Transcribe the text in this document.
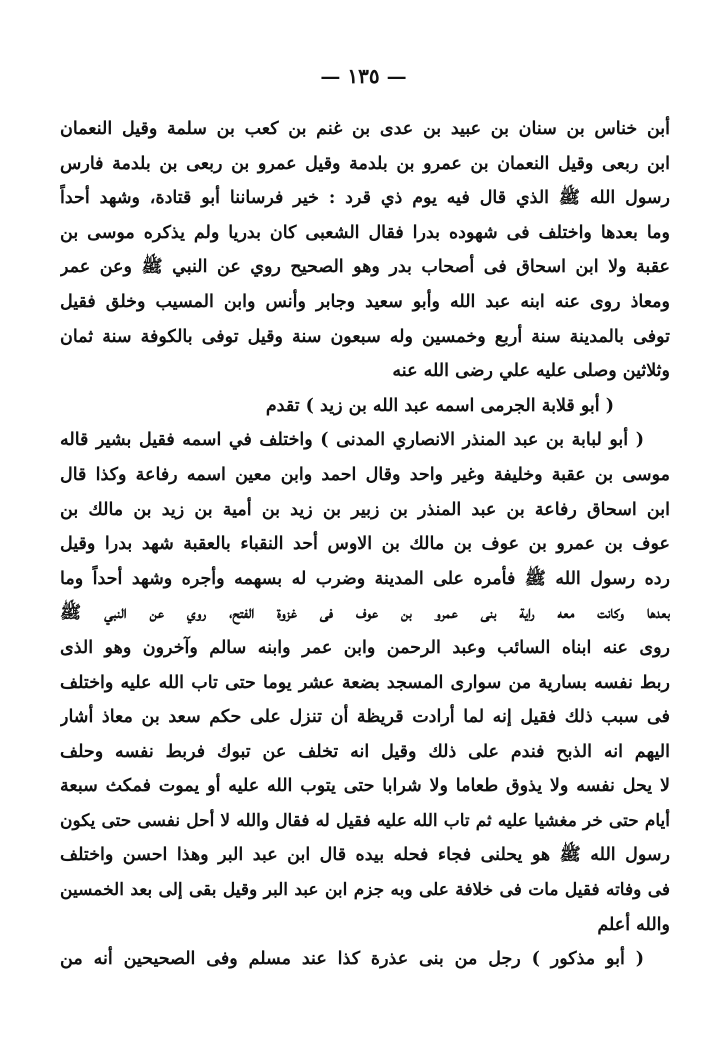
— ١٣٥ —
أبن خناس بن سنان بن عبيد بن عدى بن غنم بن كعب بن سلمة وقيل النعمان
ابن ربعى وقيل النعمان بن عمرو بن بلدمة وقيل عمرو بن ربعى بن بلدمة فارس
رسول الله ﷺ الذي قال فيه يوم ذي قرد : خير فرساننا أبو قتادة، وشهد أحداً
وما بعدها واختلف فى شهوده بدرا فقال الشعبى كان بدريا ولم يذكره موسى بن
عقبة ولا ابن اسحاق فى أصحاب بدر وهو الصحيح روي عن النبي ﷺ وعن عمر
ومعاذ روى عنه ابنه عبد الله وأبو سعيد وجابر وأنس وابن المسيب وخلق فقيل
توفى بالمدينة سنة أربع وخمسين وله سبعون سنة وقيل توفى بالكوفة سنة ثمان
وثلاثين وصلى عليه علي رضى الله عنه
( أبو قلابة الجرمى اسمه عبد الله بن زيد ) تقدم
( أبو لبابة بن عبد المنذر الانصاري المدنى ) واختلف في اسمه فقيل بشير قاله
موسى بن عقبة وخليفة وغير واحد وقال احمد وابن معين اسمه رفاعة وكذا قال
ابن اسحاق رفاعة بن عبد المنذر بن زبير بن زيد بن أمية بن زيد بن مالك بن
عوف بن عمرو بن عوف بن مالك بن الاوس أحد النقباء بالعقبة شهد بدرا وقيل
رده رسول الله ﷺ فأمره على المدينة وضرب له بسهمه وأجره وشهد أحداً وما
بعدها وكانت معه راية بنى عمرو بن عوف فى غزوة الفتح، روي عن النبي ﷺ
روى عنه ابناه السائب وعبد الرحمن وابن عمر وابنه سالم وآخرون وهو الذى
ربط نفسه بسارية من سوارى المسجد بضعة عشر يوما حتى تاب الله عليه واختلف
فى سبب ذلك فقيل إنه لما أرادت قريظة أن تنزل على حكم سعد بن معاذ أشار
اليهم انه الذبح فندم على ذلك وقيل انه تخلف عن تبوك فربط نفسه وحلف
لا يحل نفسه ولا يذوق طعاما ولا شرابا حتى يتوب الله عليه أو يموت فمكث سبعة
أيام حتى خر مغشيا عليه ثم تاب الله عليه فقيل له فقال والله لا أحل نفسى حتى يكون
رسول الله ﷺ هو يحلنى فجاء فحله بيده قال ابن عبد البر وهذا احسن واختلف
فى وفاته فقيل مات فى خلافة على وبه جزم ابن عبد البر وقيل بقى إلى بعد الخمسين
والله أعلم
( أبو مذكور ) رجل من بنى عذرة كذا عند مسلم وفى الصحيحين أنه من
